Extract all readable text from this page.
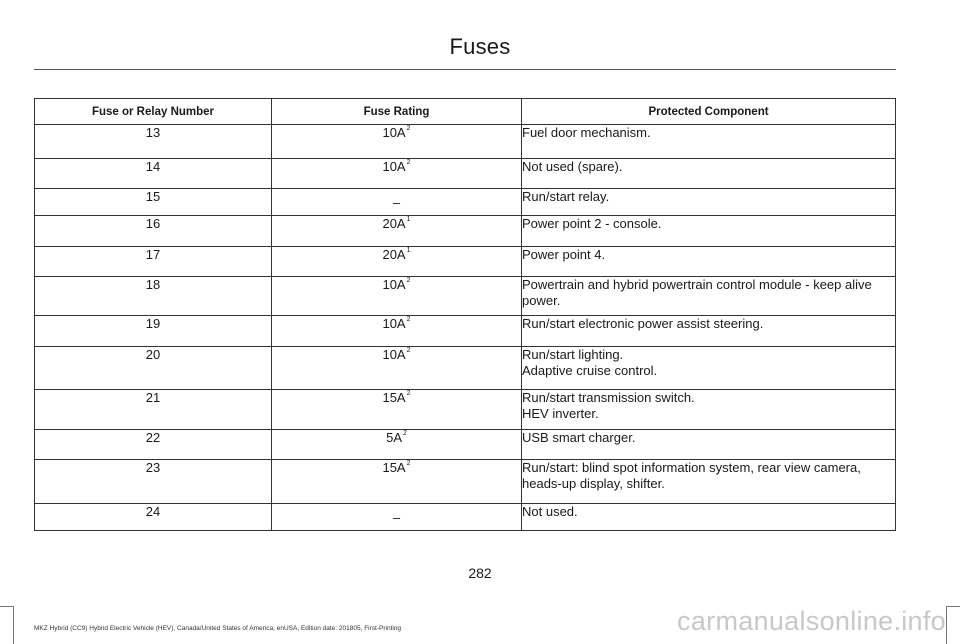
Fuses
Fuse or Relay Number	Fuse Rating	Protected Component
13	10A$^2$	Fuel door mechanism.

14	10A$^2$	Not used (spare).

15	–	Run/start relay.

16	20A$^1$	Power point 2 - console.

17	20A$^1$	Power point 4.

18	10A$^2$	Powertrain and hybrid powertrain control module - keep alive power.

19	10A$^2$	Run/start electronic power assist steering.

20	10A$^2$	Run/start lighting.
Adaptive cruise control.

21	15A$^2$	Run/start transmission switch.
HEV inverter.

22	5A$^2$	USB smart charger.

23	15A$^2$	Run/start: blind spot information system, rear view camera, heads-up display, shifter.

24	–	Not used.
282
MKZ Hybrid (CC9) Hybrid Electric Vehicle (HEV), Canada/United States of America, enUSA, Edition date: 201805, First-Printing	carmanualsonline.info
